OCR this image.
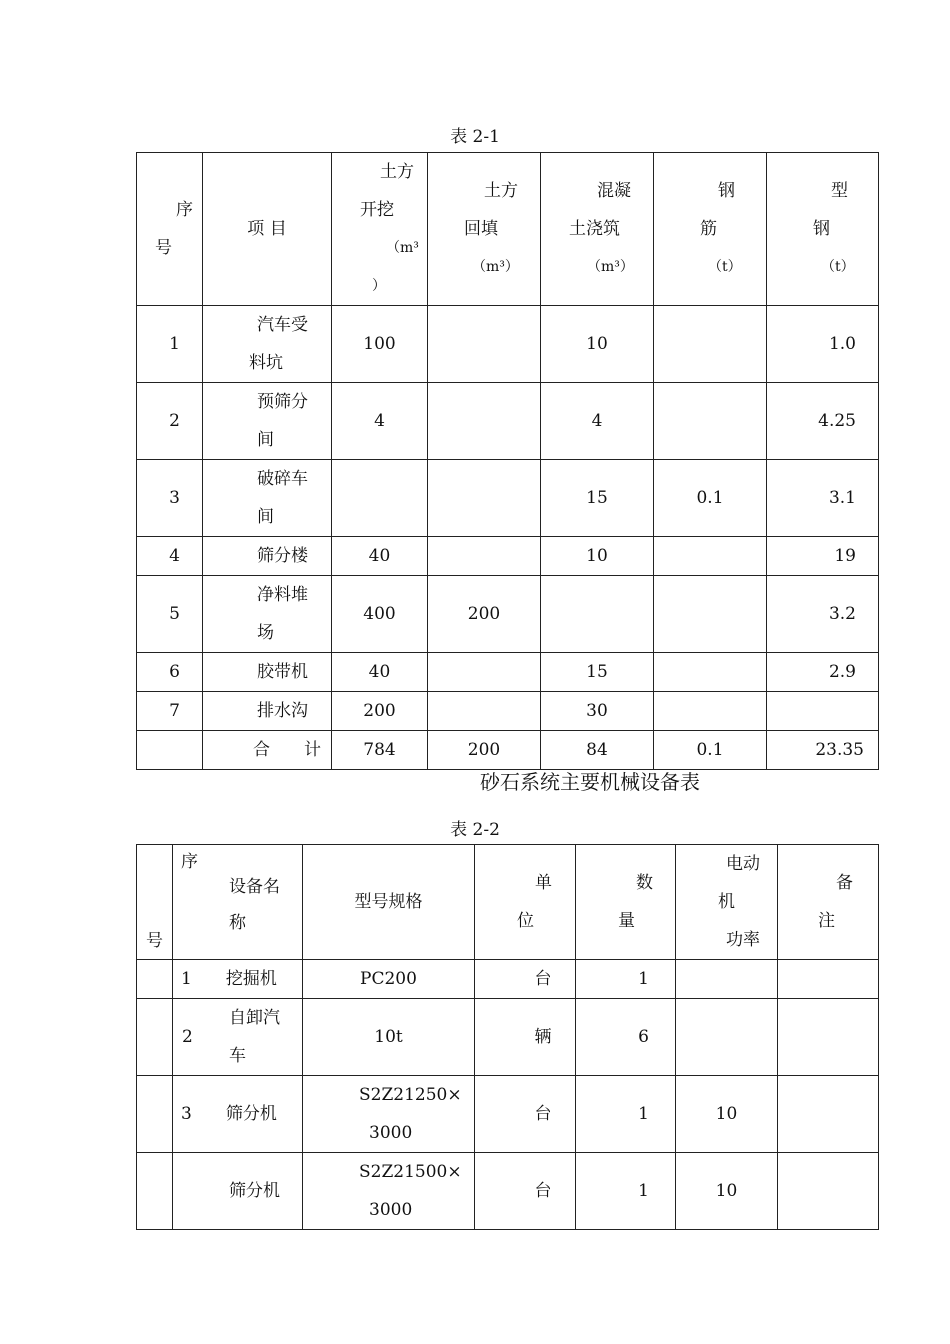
表 2-1
序
号	项 目	土方
开挖
（m³
）	土方
回填
（m³）	混凝
土浇筑
（m³）	钢
筋
（t）	型
钢
（t）

1	汽车受
料坑	100		10		1.0
2	预筛分
间	4		4		4.25
3	破碎车
间			15	0.1	3.1
4	筛分楼	40		10		19
5	净料堆
场	400	200			3.2
6	胶带机	40		15		2.9
7	排水沟	200		30		
	合　　计	784	200	84	0.1	23.35
砂石系统主要机械设备表
表 2-2
号	序
设备名
称	型号规格	单
位	数
量	电动
机
功率	备
注

	1 挖掘机	PC200	台	1		

	2
自卸汽
车	10t	辆	6		
	3 筛分机	S2Z21250×
3000	台	1	10	
	筛分机	S2Z21500×
3000	台	1	10	
